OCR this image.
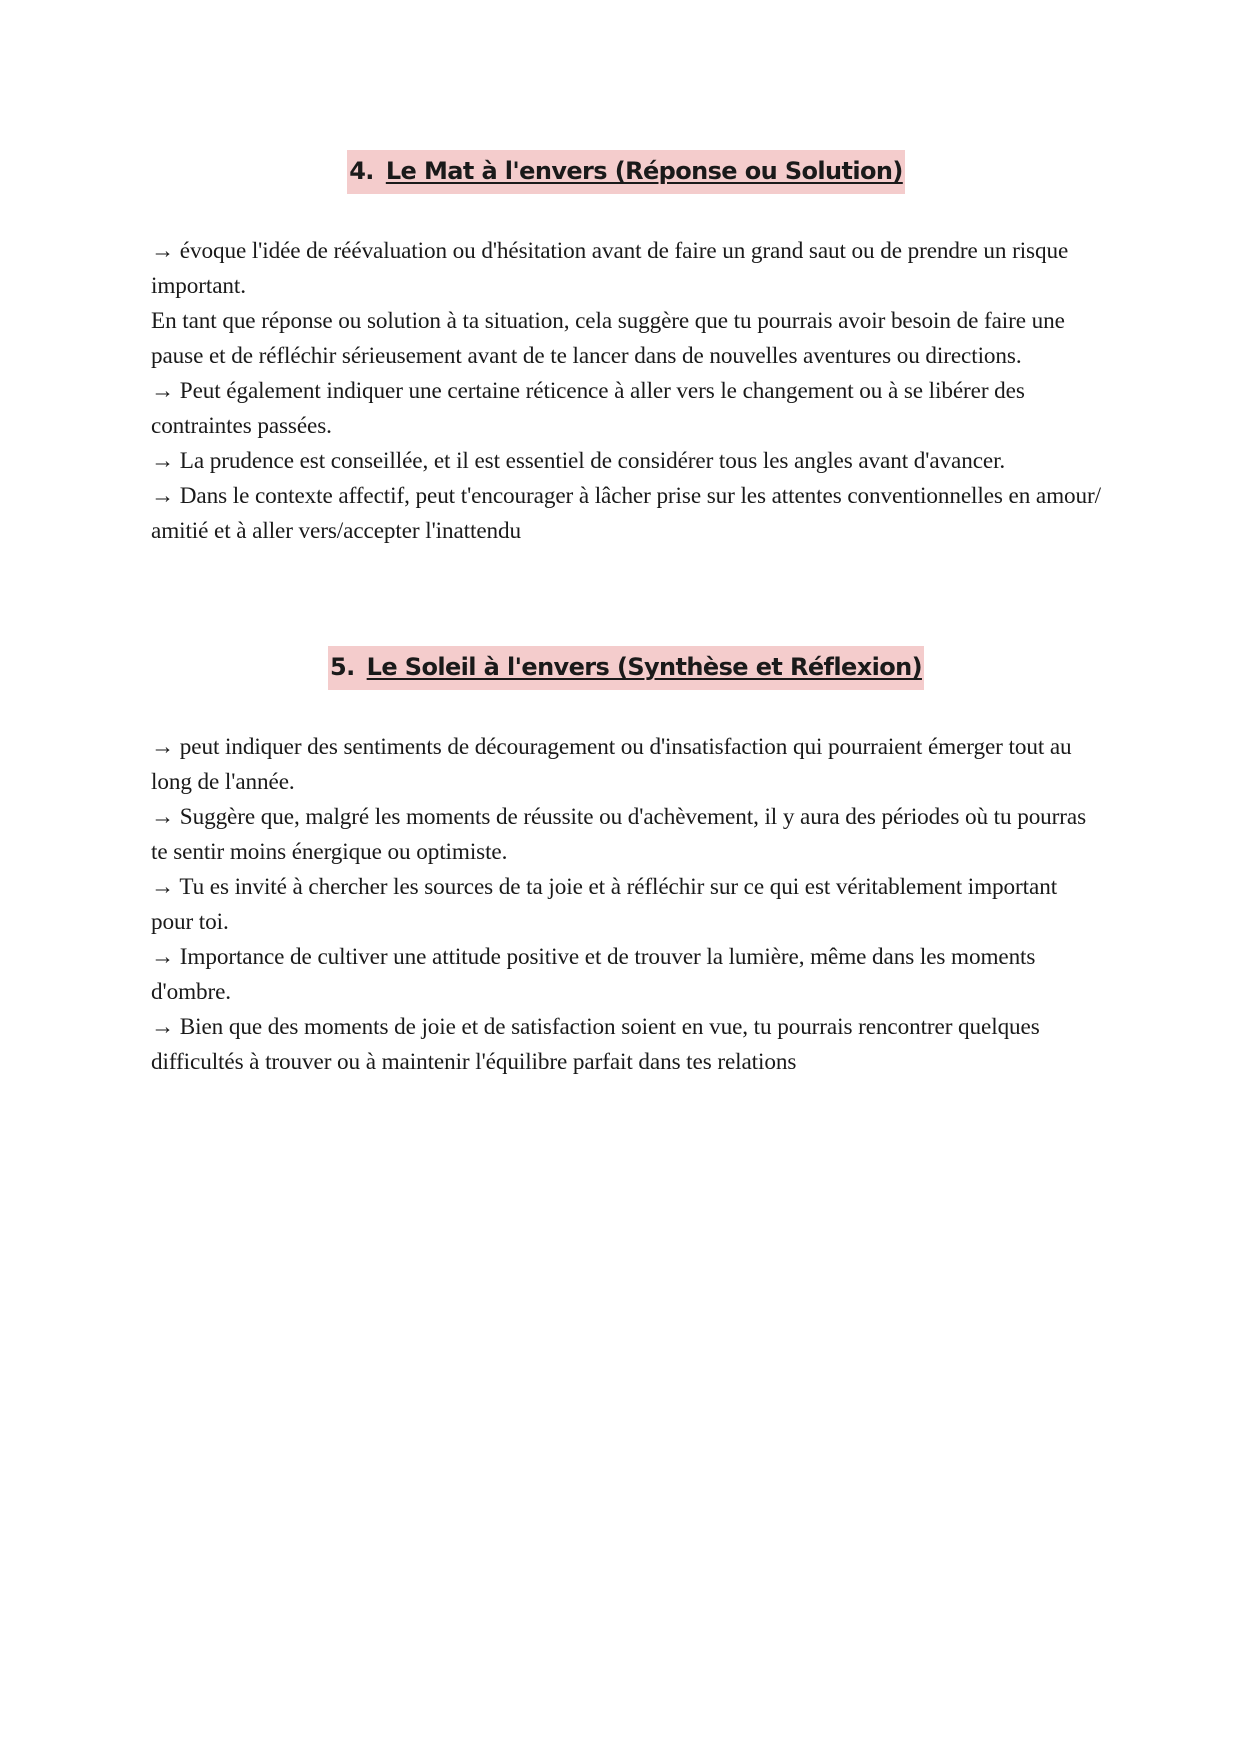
4. Le Mat à l'envers (Réponse ou Solution)

→ évoque l'idée de réévaluation ou d'hésitation avant de faire un grand saut ou de prendre un risque important.

En tant que réponse ou solution à ta situation, cela suggère que tu pourrais avoir besoin de faire une pause et de réfléchir sérieusement avant de te lancer dans de nouvelles aventures ou directions.

→ Peut également indiquer une certaine réticence à aller vers le changement ou à se libérer des contraintes passées.

→ La prudence est conseillée, et il est essentiel de considérer tous les angles avant d'avancer.

→ Dans le contexte affectif, peut t'encourager à lâcher prise sur les attentes conventionnelles en amour/ amitié et à aller vers/accepter l'inattendu

5. Le Soleil à l'envers (Synthèse et Réflexion)

→ peut indiquer des sentiments de découragement ou d'insatisfaction qui pourraient émerger tout au long de l'année.

→ Suggère que, malgré les moments de réussite ou d'achèvement, il y aura des périodes où tu pourras te sentir moins énergique ou optimiste.

→ Tu es invité à chercher les sources de ta joie et à réfléchir sur ce qui est véritablement important pour toi.

→ Importance de cultiver une attitude positive et de trouver la lumière, même dans les moments d'ombre.

→ Bien que des moments de joie et de satisfaction soient en vue, tu pourrais rencontrer quelques difficultés à trouver ou à maintenir l'équilibre parfait dans tes relations
